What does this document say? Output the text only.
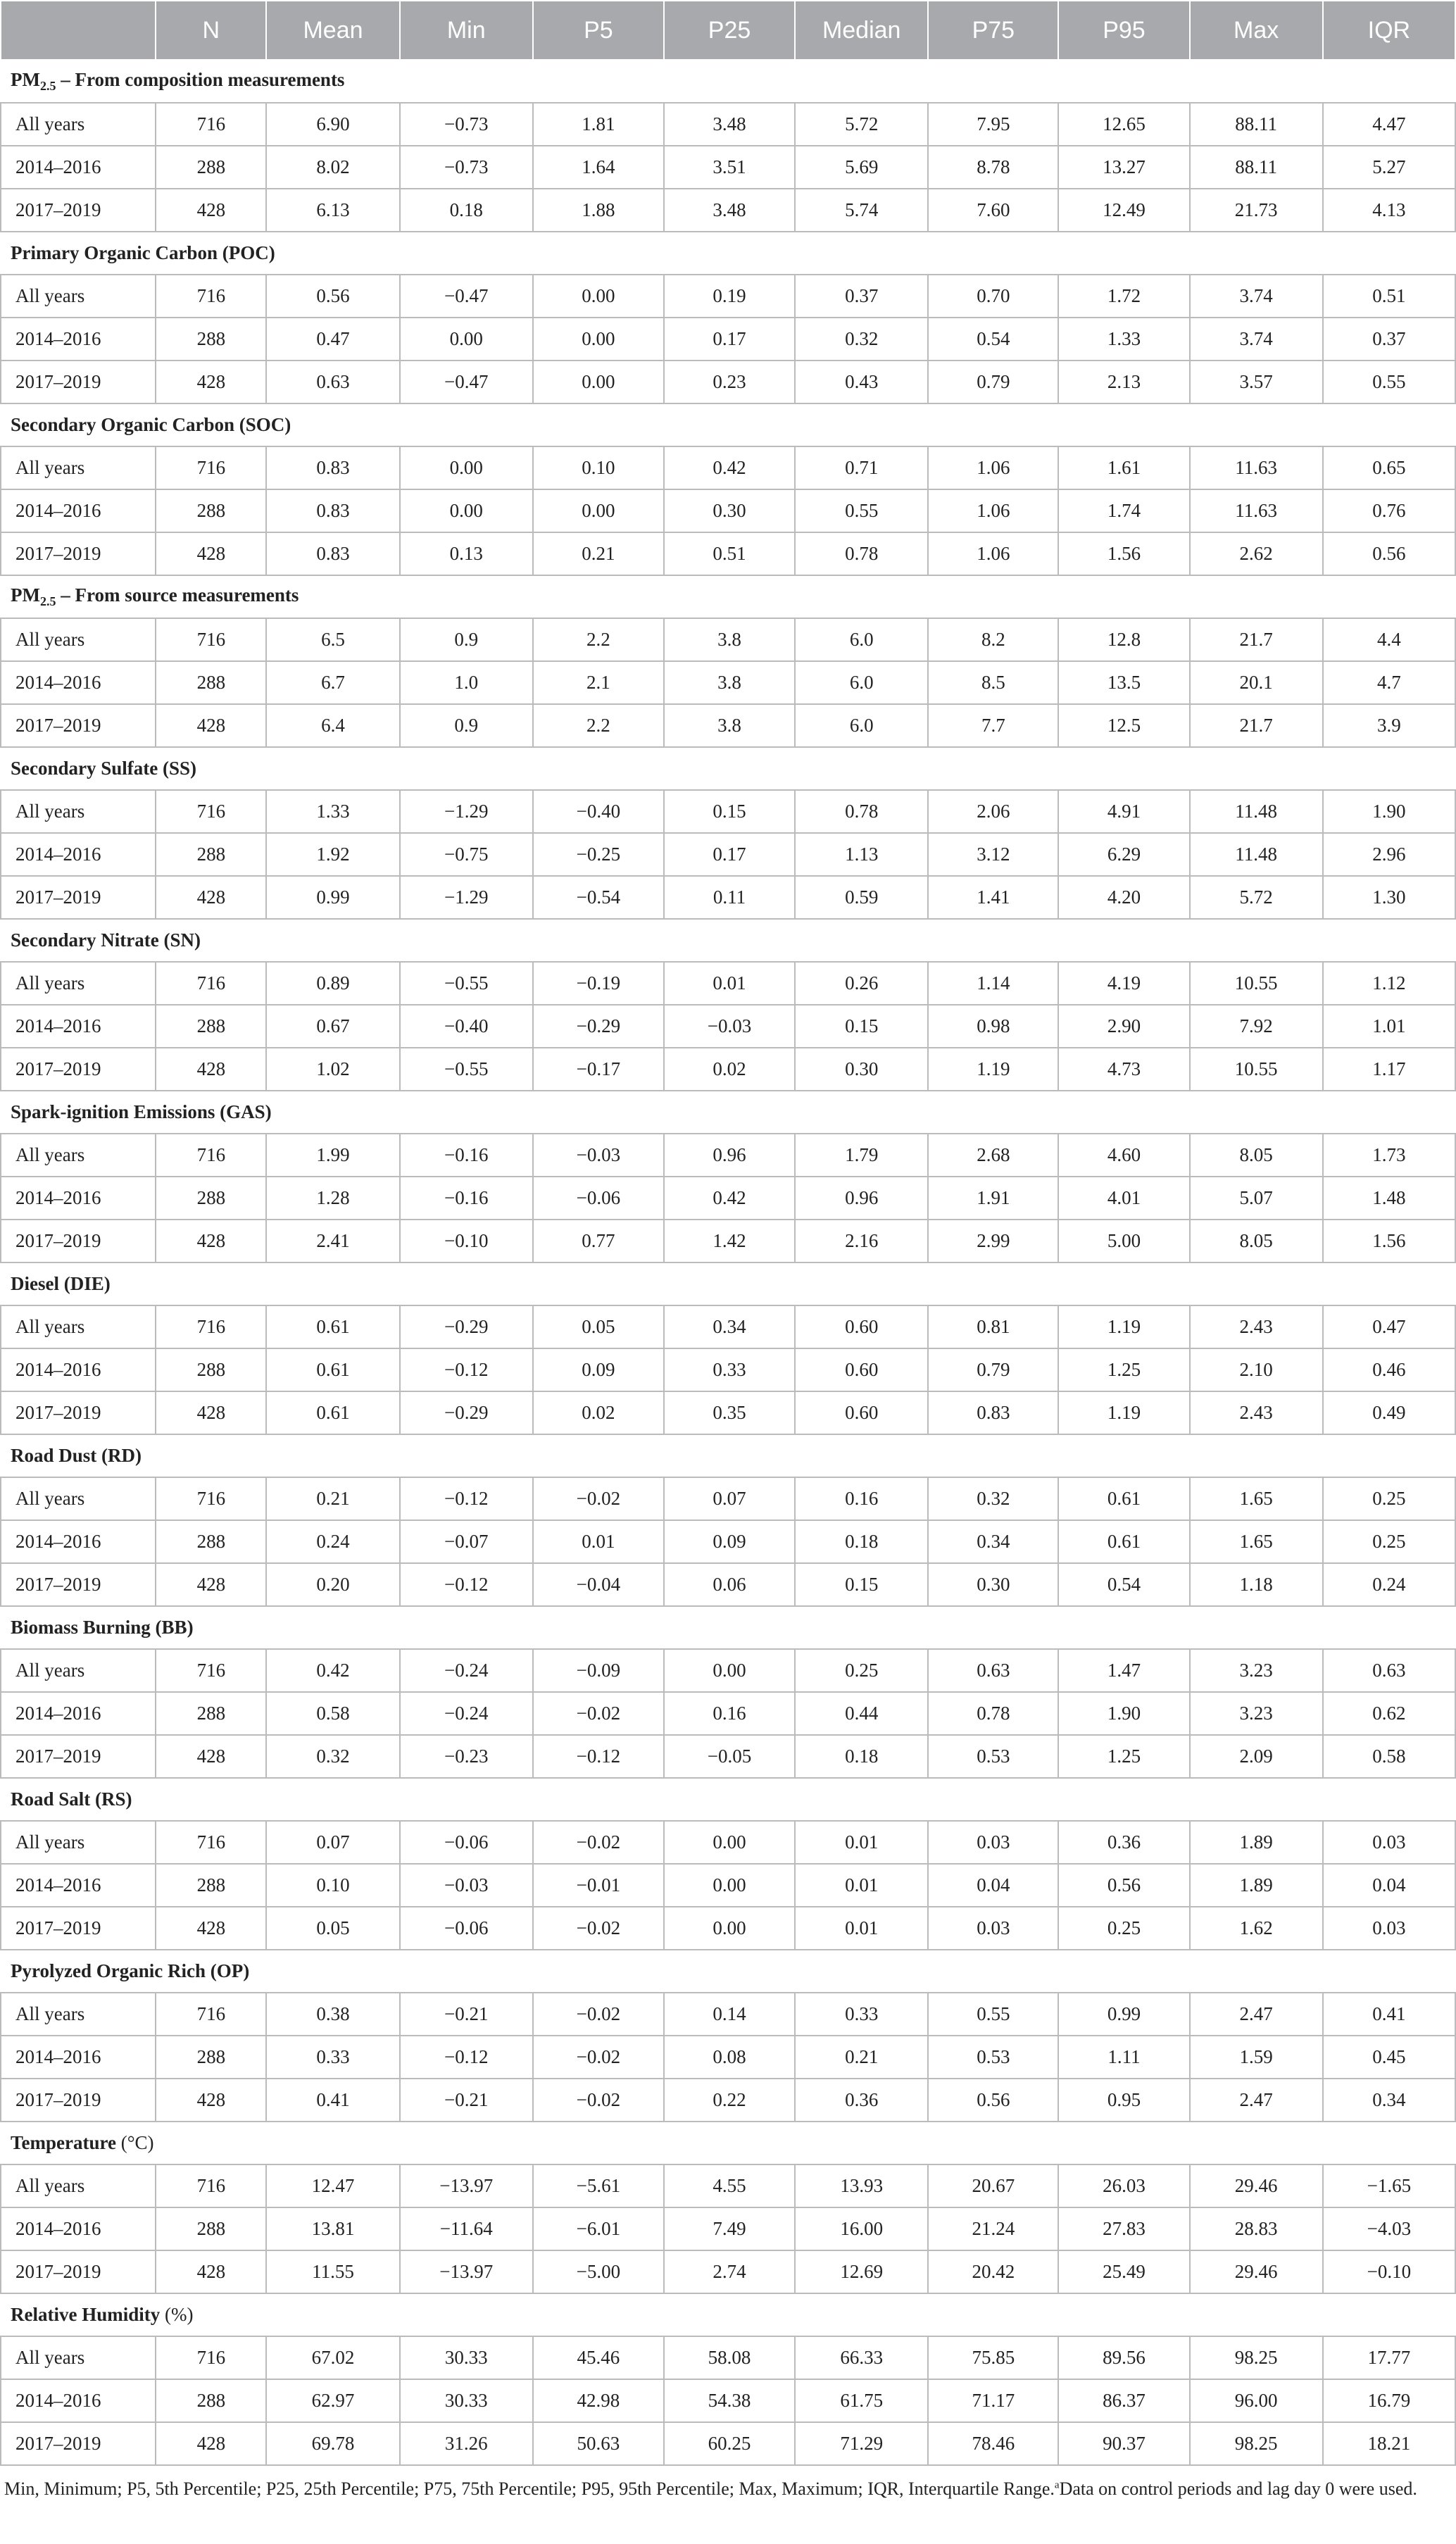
	N	Mean	Min	P5	P25	Median	P75	P95	Max	IQR
$PM_{2.5}$ – From composition measurements										
All years	716	6.90	−0.73	1.81	3.48	5.72	7.95	12.65	88.11	4.47
2014–2016	288	8.02	−0.73	1.64	3.51	5.69	8.78	13.27	88.11	5.27
2017–2019	428	6.13	0.18	1.88	3.48	5.74	7.60	12.49	21.73	4.13
Primary Organic Carbon (POC)										
All years	716	0.56	−0.47	0.00	0.19	0.37	0.70	1.72	3.74	0.51
2014–2016	288	0.47	0.00	0.00	0.17	0.32	0.54	1.33	3.74	0.37
2017–2019	428	0.63	−0.47	0.00	0.23	0.43	0.79	2.13	3.57	0.55
Secondary Organic Carbon (SOC)										
All years	716	0.83	0.00	0.10	0.42	0.71	1.06	1.61	11.63	0.65
2014–2016	288	0.83	0.00	0.00	0.30	0.55	1.06	1.74	11.63	0.76
2017–2019	428	0.83	0.13	0.21	0.51	0.78	1.06	1.56	2.62	0.56
$PM_{2.5}$ – From source measurements										
All years	716	6.5	0.9	2.2	3.8	6.0	8.2	12.8	21.7	4.4
2014–2016	288	6.7	1.0	2.1	3.8	6.0	8.5	13.5	20.1	4.7
2017–2019	428	6.4	0.9	2.2	3.8	6.0	7.7	12.5	21.7	3.9
Secondary Sulfate (SS)										
All years	716	1.33	−1.29	−0.40	0.15	0.78	2.06	4.91	11.48	1.90
2014–2016	288	1.92	−0.75	−0.25	0.17	1.13	3.12	6.29	11.48	2.96
2017–2019	428	0.99	−1.29	−0.54	0.11	0.59	1.41	4.20	5.72	1.30
Secondary Nitrate (SN)										
All years	716	0.89	−0.55	−0.19	0.01	0.26	1.14	4.19	10.55	1.12
2014–2016	288	0.67	−0.40	−0.29	−0.03	0.15	0.98	2.90	7.92	1.01
2017–2019	428	1.02	−0.55	−0.17	0.02	0.30	1.19	4.73	10.55	1.17
Spark-ignition Emissions (GAS)										
All years	716	1.99	−0.16	−0.03	0.96	1.79	2.68	4.60	8.05	1.73
2014–2016	288	1.28	−0.16	−0.06	0.42	0.96	1.91	4.01	5.07	1.48
2017–2019	428	2.41	−0.10	0.77	1.42	2.16	2.99	5.00	8.05	1.56
Diesel (DIE)										
All years	716	0.61	−0.29	0.05	0.34	0.60	0.81	1.19	2.43	0.47
2014–2016	288	0.61	−0.12	0.09	0.33	0.60	0.79	1.25	2.10	0.46
2017–2019	428	0.61	−0.29	0.02	0.35	0.60	0.83	1.19	2.43	0.49
Road Dust (RD)										
All years	716	0.21	−0.12	−0.02	0.07	0.16	0.32	0.61	1.65	0.25
2014–2016	288	0.24	−0.07	0.01	0.09	0.18	0.34	0.61	1.65	0.25
2017–2019	428	0.20	−0.12	−0.04	0.06	0.15	0.30	0.54	1.18	0.24
Biomass Burning (BB)										
All years	716	0.42	−0.24	−0.09	0.00	0.25	0.63	1.47	3.23	0.63
2014–2016	288	0.58	−0.24	−0.02	0.16	0.44	0.78	1.90	3.23	0.62
2017–2019	428	0.32	−0.23	−0.12	−0.05	0.18	0.53	1.25	2.09	0.58
Road Salt (RS)										
All years	716	0.07	−0.06	−0.02	0.00	0.01	0.03	0.36	1.89	0.03
2014–2016	288	0.10	−0.03	−0.01	0.00	0.01	0.04	0.56	1.89	0.04
2017–2019	428	0.05	−0.06	−0.02	0.00	0.01	0.03	0.25	1.62	0.03
Pyrolyzed Organic Rich (OP)										
All years	716	0.38	−0.21	−0.02	0.14	0.33	0.55	0.99	2.47	0.41
2014–2016	288	0.33	−0.12	−0.02	0.08	0.21	0.53	1.11	1.59	0.45
2017–2019	428	0.41	−0.21	−0.02	0.22	0.36	0.56	0.95	2.47	0.34
Temperature (°C)										
All years	716	12.47	−13.97	−5.61	4.55	13.93	20.67	26.03	29.46	−1.65
2014–2016	288	13.81	−11.64	−6.01	7.49	16.00	21.24	27.83	28.83	−4.03
2017–2019	428	11.55	−13.97	−5.00	2.74	12.69	20.42	25.49	29.46	−0.10
Relative Humidity (%)										
All years	716	67.02	30.33	45.46	58.08	66.33	75.85	89.56	98.25	17.77
2014–2016	288	62.97	30.33	42.98	54.38	61.75	71.17	86.37	96.00	16.79
2017–2019	428	69.78	31.26	50.63	60.25	71.29	78.46	90.37	98.25	18.21
Min, Minimum; P5, 5th Percentile; P25, 25th Percentile; P75, 75th Percentile; P95, 95th Percentile; Max, Maximum; IQR, Interquartile Range.$^a$Data on control periods and lag day 0 were used.
